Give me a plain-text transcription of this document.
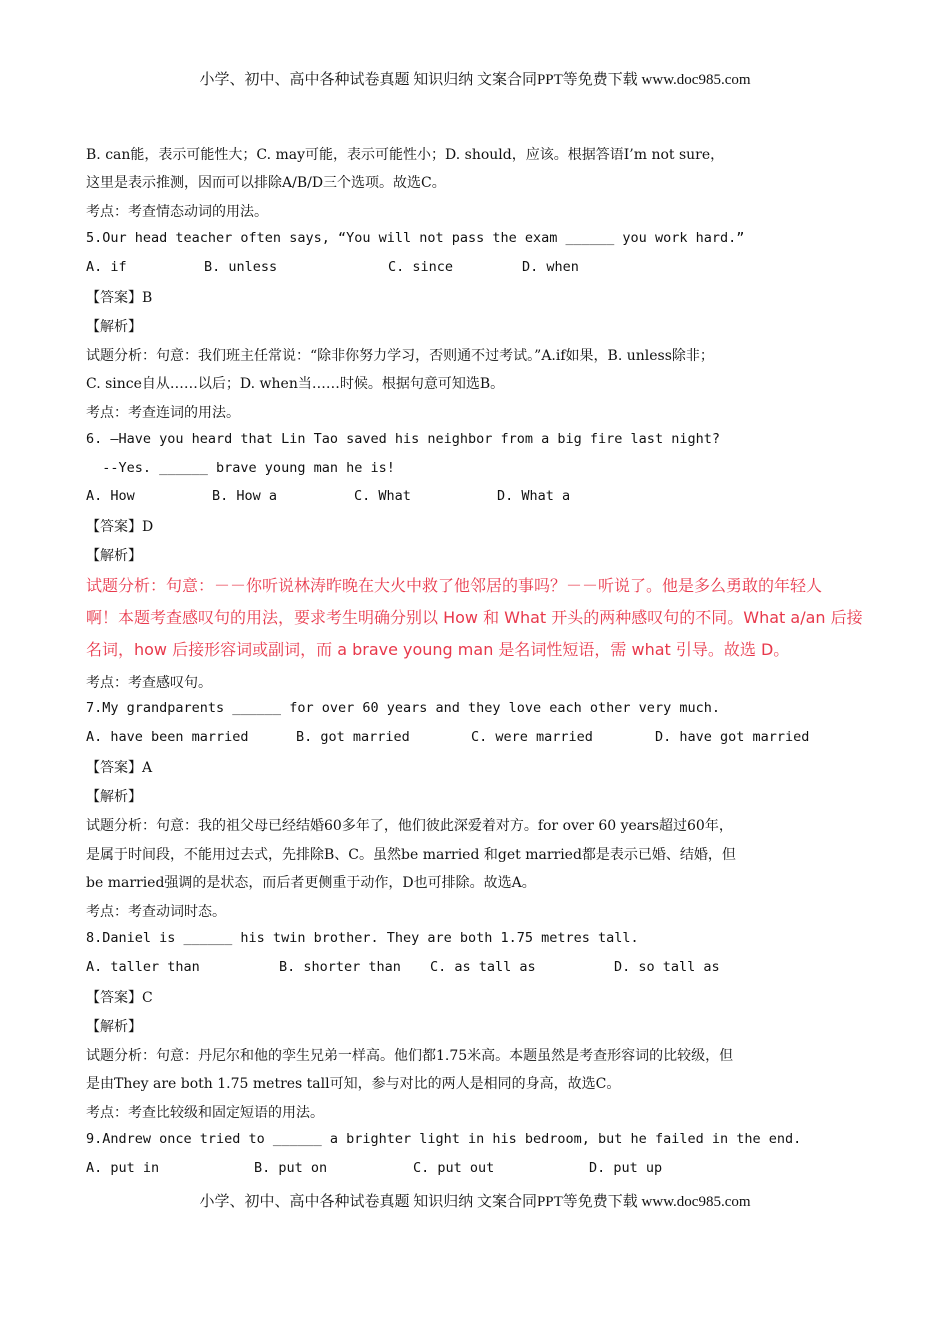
小学、初中、高中各种试卷真题 知识归纳 文案合同PPT等免费下载 www.doc985.com
B. can能，表示可能性大；C. may可能，表示可能性小；D. should，应该。根据答语I’m not sure，
这里是表示推测，因而可以排除A/B/D三个选项。故选C。
考点：考查情态动词的用法。
5.Our head teacher often says, “You will not pass the exam ______ you work hard.”
A. if	B. unless	C. since	D. when
【答案】B
【解析】
试题分析：句意：我们班主任常说：“除非你努力学习，否则通不过考试。”A.if如果，B. unless除非；
C. since自从……以后；D. when当……时候。根据句意可知选B。
考点：考查连词的用法。
6. –Have you heard that Lin Tao saved his neighbor from a big fire last night?
--Yes. ______ brave young man he is!
A. How	B. How a	C. What	D. What a
【答案】D
【解析】
试题分析：句意：－－你听说林涛昨晚在大火中救了他邻居的事吗？－－听说了。他是多么勇敢的年轻人
啊！本题考查感叹句的用法，要求考生明确分别以 How 和 What 开头的两种感叹句的不同。What a/an 后接
名词，how 后接形容词或副词，而 a brave young man 是名词性短语，需 what 引导。故选 D。
考点：考查感叹句。
7.My grandparents ______ for over 60 years and they love each other very much.
A. have been married	B. got married	C. were married	D. have got married
【答案】A
【解析】
试题分析：句意：我的祖父母已经结婚60多年了，他们彼此深爱着对方。for over 60 years超过60年，
是属于时间段，不能用过去式，先排除B、C。虽然be married 和get married都是表示已婚、结婚，但
be married强调的是状态，而后者更侧重于动作，D也可排除。故选A。
考点：考查动词时态。
8.Daniel is ______ his twin brother. They are both 1.75 metres tall.
A. taller than	B. shorter than C. as tall as	D. so tall as
【答案】C
【解析】
试题分析：句意：丹尼尔和他的孪生兄弟一样高。他们都1.75米高。本题虽然是考查形容词的比较级，但
是由They are both 1.75 metres tall可知，参与对比的两人是相同的身高，故选C。
考点：考查比较级和固定短语的用法。
9.Andrew once tried to ______ a brighter light in his bedroom, but he failed in the end.
A. put in	B. put on	C. put out	D. put up
小学、初中、高中各种试卷真题 知识归纳 文案合同PPT等免费下载 www.doc985.com
